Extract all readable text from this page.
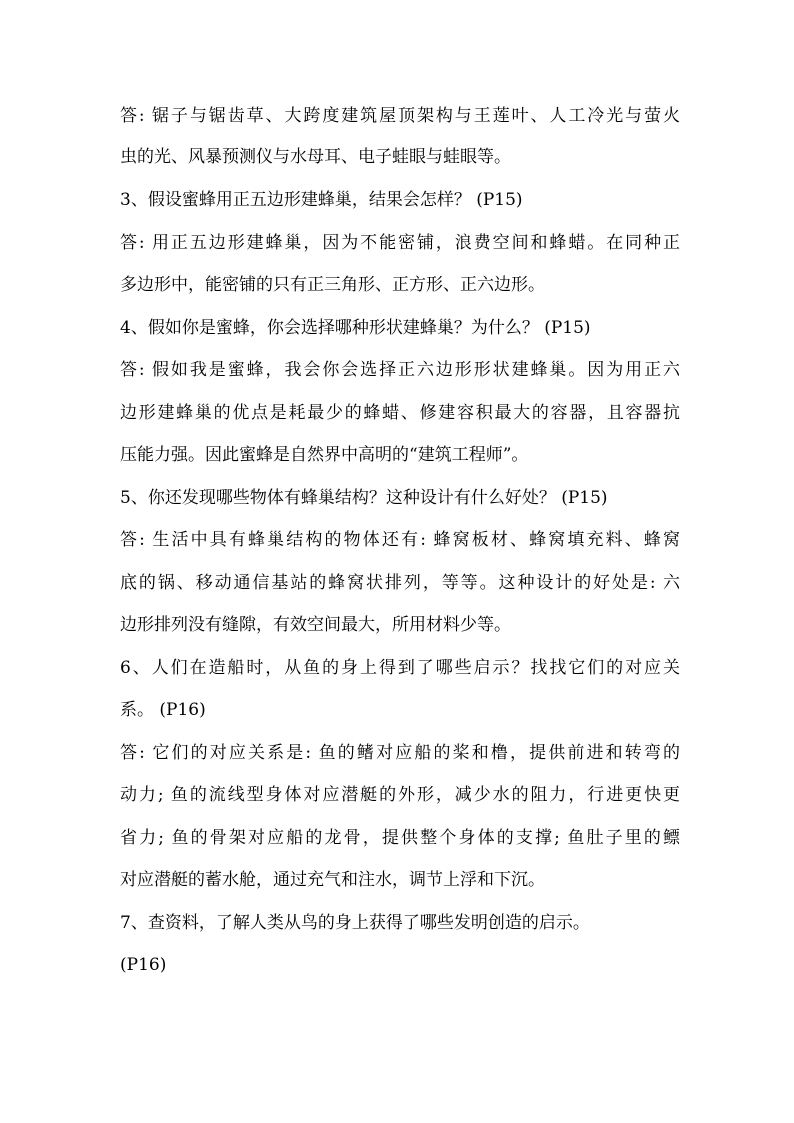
答: 锯子与锯齿草、大跨度建筑屋顶架构与王莲叶、人工冷光与萤火
虫的光、风暴预测仪与水母耳、电子蛙眼与蛙眼等。
3、假设蜜蜂用正五边形建蜂巢，结果会怎样？ (P15)
答: 用正五边形建蜂巢，因为不能密铺，浪费空间和蜂蜡。在同种正
多边形中，能密铺的只有正三角形、正方形、正六边形。
4、假如你是蜜蜂，你会选择哪种形状建蜂巢？为什么？ (P15)
答: 假如我是蜜蜂，我会你会选择正六边形形状建蜂巢。因为用正六
边形建蜂巢的优点是耗最少的蜂蜡、修建容积最大的容器，且容器抗
压能力强。因此蜜蜂是自然界中高明的“建筑工程师”。
5、你还发现哪些物体有蜂巢结构？这种设计有什么好处？ (P15)
答: 生活中具有蜂巢结构的物体还有: 蜂窝板材、蜂窝填充料、蜂窝
底的锅、移动通信基站的蜂窝状排列，等等。这种设计的好处是: 六
边形排列没有缝隙，有效空间最大，所用材料少等。
6、人们在造船时，从鱼的身上得到了哪些启示？找找它们的对应关
系。 (P16)
答: 它们的对应关系是: 鱼的鳍对应船的桨和橹，提供前进和转弯的
动力; 鱼的流线型身体对应潜艇的外形，减少水的阻力，行进更快更
省力; 鱼的骨架对应船的龙骨，提供整个身体的支撑; 鱼肚子里的鳔
对应潜艇的蓄水舱，通过充气和注水，调节上浮和下沉。
7、查资料，了解人类从鸟的身上获得了哪些发明创造的启示。
(P16)
